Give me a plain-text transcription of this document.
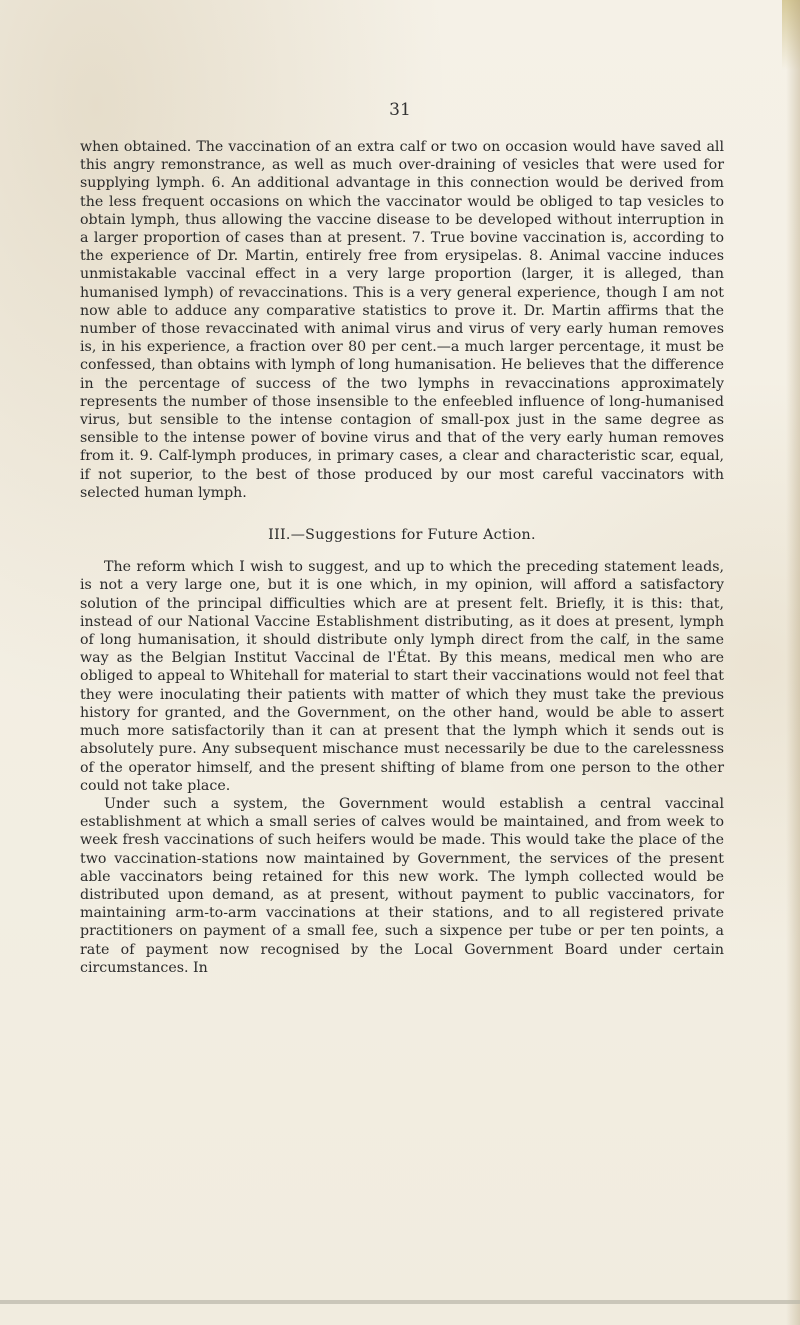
31

when obtained. The vaccination of an extra calf or two on occasion would have saved all this angry remonstrance, as well as much over-draining of vesicles that were used for supplying lymph. 6. An additional advantage in this connection would be derived from the less frequent occasions on which the vaccinator would be obliged to tap vesicles to obtain lymph, thus allowing the vaccine disease to be developed without interruption in a larger proportion of cases than at present. 7. True bovine vaccination is, according to the experience of Dr. Martin, entirely free from erysipelas. 8. Animal vaccine induces unmistakable vaccinal effect in a very large proportion (larger, it is alleged, than humanised lymph) of revaccinations. This is a very general experience, though I am not now able to adduce any comparative statistics to prove it. Dr. Martin affirms that the number of those revaccinated with animal virus and virus of very early human removes is, in his experience, a fraction over 80 per cent.—a much larger percentage, it must be confessed, than obtains with lymph of long humanisation. He believes that the difference in the percentage of success of the two lymphs in revaccinations approximately represents the number of those insensible to the enfeebled influence of long-humanised virus, but sensible to the intense contagion of small-pox just in the same degree as sensible to the intense power of bovine virus and that of the very early human removes from it. 9. Calf-lymph produces, in primary cases, a clear and characteristic scar, equal, if not superior, to the best of those produced by our most careful vaccinators with selected human lymph.

III.—Suggestions for Future Action.

The reform which I wish to suggest, and up to which the preceding statement leads, is not a very large one, but it is one which, in my opinion, will afford a satisfactory solution of the principal difficulties which are at present felt. Briefly, it is this: that, instead of our National Vaccine Establishment distributing, as it does at present, lymph of long humanisation, it should distribute only lymph direct from the calf, in the same way as the Belgian Institut Vaccinal de l'État. By this means, medical men who are obliged to appeal to Whitehall for material to start their vaccinations would not feel that they were inoculating their patients with matter of which they must take the previous history for granted, and the Government, on the other hand, would be able to assert much more satisfactorily than it can at present that the lymph which it sends out is absolutely pure. Any subsequent mischance must necessarily be due to the carelessness of the operator himself, and the present shifting of blame from one person to the other could not take place.

Under such a system, the Government would establish a central vaccinal establishment at which a small series of calves would be maintained, and from week to week fresh vaccinations of such heifers would be made. This would take the place of the two vaccination-stations now maintained by Government, the services of the present able vaccinators being retained for this new work. The lymph collected would be distributed upon demand, as at present, without payment to public vaccinators, for maintaining arm-to-arm vaccinations at their stations, and to all registered private practitioners on payment of a small fee, such a sixpence per tube or per ten points, a rate of payment now recognised by the Local Government Board under certain circumstances. In
